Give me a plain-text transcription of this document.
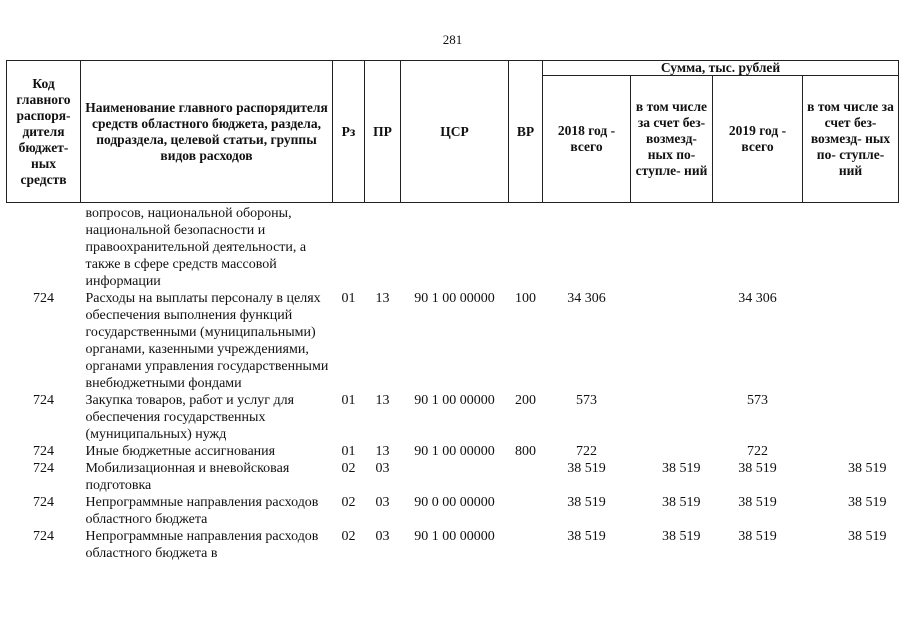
281
Код главного распоря- дителя бюджет- ных средств	Наименование главного распорядителя средств областного бюджета, раздела, подраздела, целевой статьи, группы видов расходов	Рз	ПР	ЦСР	ВР	Сумма, тыс. рублей			
						2018 год - всего	в том числе за счет без- возмезд- ных по- ступле- ний	2019 год - всего	в том числе за счет без- возмезд- ных по- ступле- ний
	вопросов, национальной обороны, национальной безопасности и правоохранительной деятельности, а также в сфере средств массовой информации								
724	Расходы на выплаты персоналу в целях обеспечения выполнения функций государственными (муниципальными) органами, казенными учреждениями, органами управления государственными внебюджетными фондами	01	13	90 1 00 00000	100	34 306		34 306	
724	Закупка товаров, работ и услуг для обеспечения государственных (муниципальных) нужд	01	13	90 1 00 00000	200	573		573	
724	Иные бюджетные ассигнования	01	13	90 1 00 00000	800	722		722	
724	Мобилизационная и вневойсковая подготовка	02	03			38 519	38 519	38 519	38 519
724	Непрограммные направления расходов областного бюджета	02	03	90 0 00 00000		38 519	38 519	38 519	38 519
724	Непрограммные направления расходов областного бюджета в	02	03	90 1 00 00000		38 519	38 519	38 519	38 519
